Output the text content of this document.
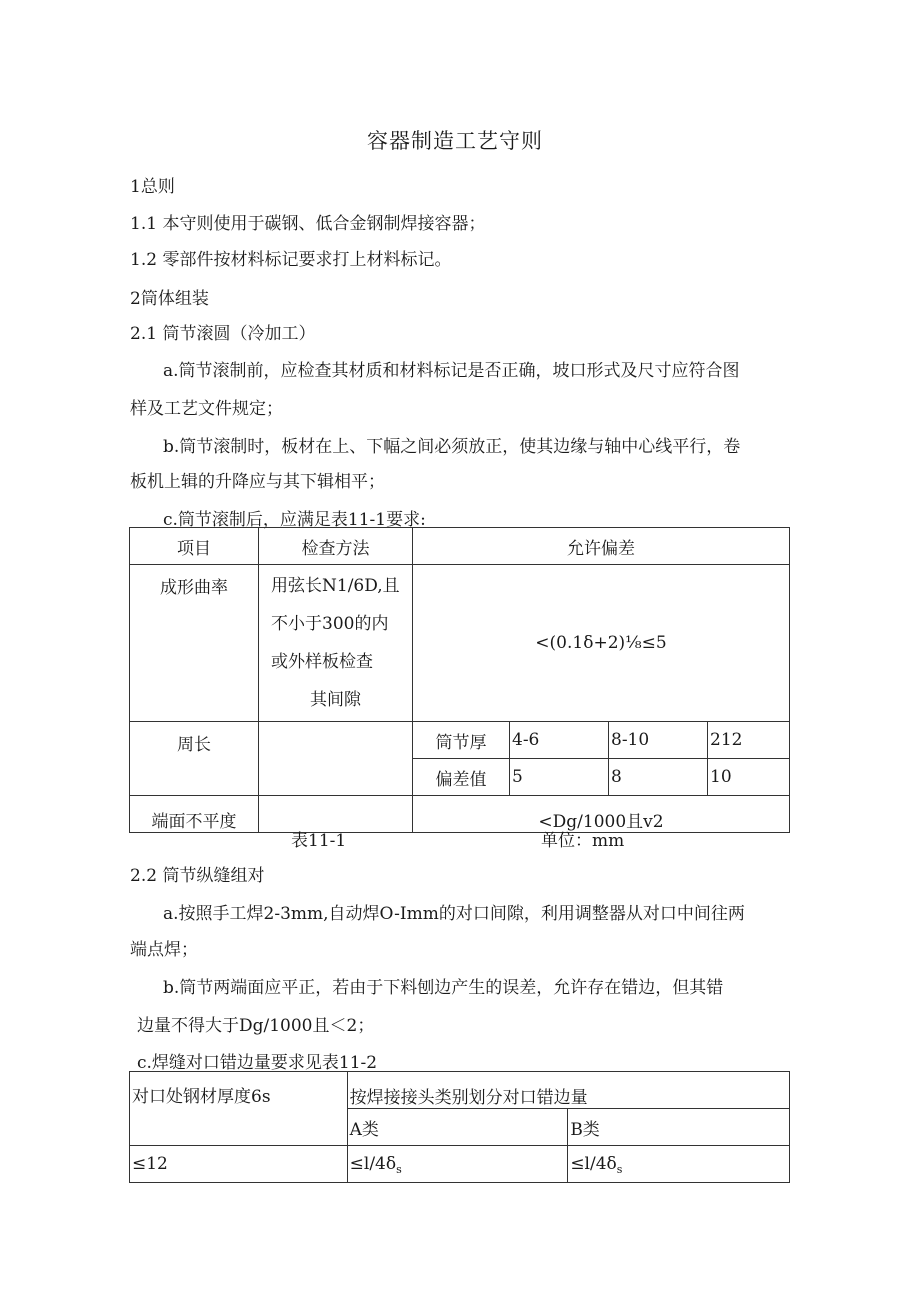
容器制造工艺守则
1总则
1.1 本守则使用于碳钢、低合金钢制焊接容器；
1.2 零部件按材料标记要求打上材料标记。
2筒体组装
2.1 筒节滚圆（冷加工）
a.筒节滚制前，应检查其材质和材料标记是否正确，坡口形式及尺寸应符合图
样及工艺文件规定；
b.筒节滚制时，板材在上、下幅之间必须放正，使其边缘与轴中心线平行，卷
板机上辑的升降应与其下辑相平；
c.筒节滚制后，应满足表11-1要求:
项目	检查方法	允许偏差			
成形曲率	用弦长N1/6D,且
不小于300的内
或外样板检查
其间隙	<(0.1δ+2)⅛≤5			
周长		筒节厚	4-6	8-10	212
		偏差值	5	8	10
端面不平度		<Dg/1000且v2			
表11-1	单位：mm
2.2 筒节纵缝组对
a.按照手工焊2-3mm,自动焊O-Imm的对口间隙，利用调整器从对口中间往两
端点焊；
b.筒节两端面应平正，若由于下料刨边产生的误差，允许存在错边，但其错
边量不得大于Dg/1000且＜2；
c.焊缝对口错边量要求见表11-2
对口处钢材厚度6s	按焊接接头类别划分对口错边量	
	A类	B类
≤12	$\le l/4\delta_s$	$\le l/4\delta_s$
